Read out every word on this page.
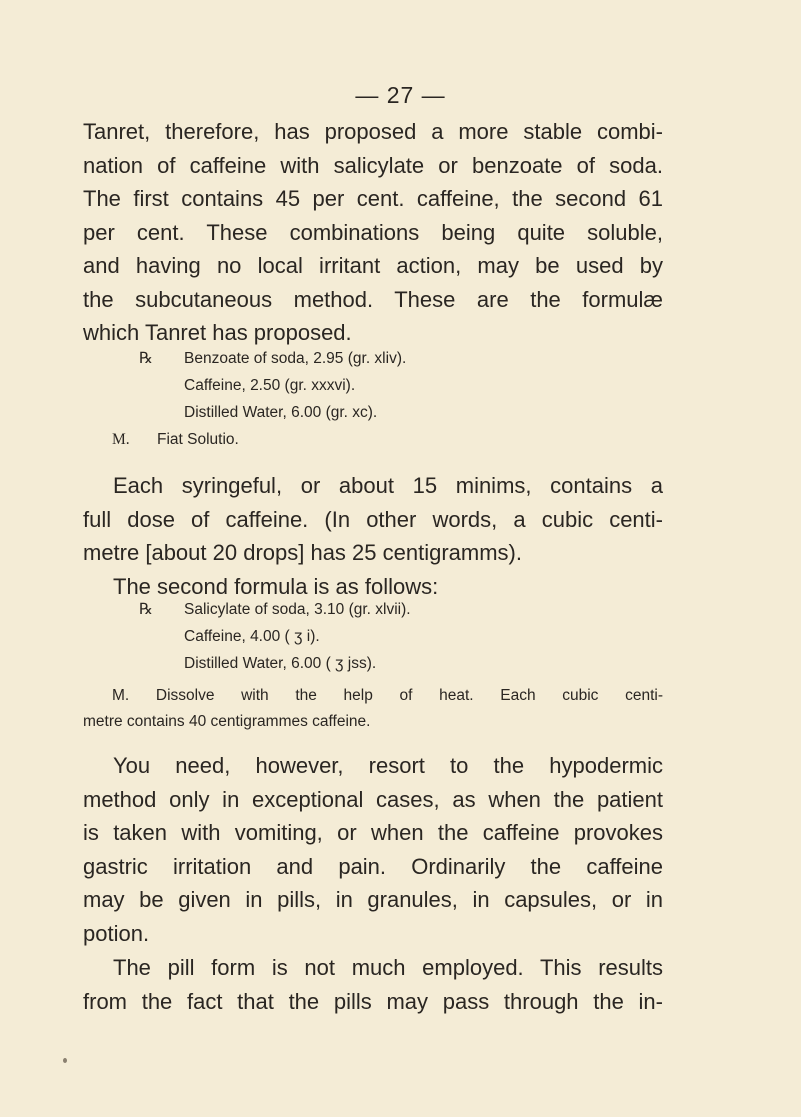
— 27 —
Tanret, therefore, has proposed a more stable combi-
nation of caffeine with salicylate or benzoate of soda.
The first contains 45 per cent. caffeine, the second 61
per cent. These combinations being quite soluble,
and having no local irritant action, may be used by
the subcutaneous method. These are the formulæ
which Tanret has proposed.
℞ Benzoate of soda, 2.95 (gr. xliv).
Caffeine, 2.50 (gr. xxxvi).
Distilled Water, 6.00 (gr. xc).
M. Fiat Solutio.
Each syringeful, or about 15 minims, contains a
full dose of caffeine. (In other words, a cubic centi-
metre [about 20 drops] has 25 centigramms).
The second formula is as follows:
℞ Salicylate of soda, 3.10 (gr. xlvii).
Caffeine, 4.00 ( ʒ i).
Distilled Water, 6.00 ( ʒ jss).
M. Dissolve with the help of heat. Each cubic centi-
metre contains 40 centigrammes caffeine.
You need, however, resort to the hypodermic
method only in exceptional cases, as when the patient
is taken with vomiting, or when the caffeine provokes
gastric irritation and pain. Ordinarily the caffeine
may be given in pills, in granules, in capsules, or in
potion.
The pill form is not much employed. This results
from the fact that the pills may pass through the in-
